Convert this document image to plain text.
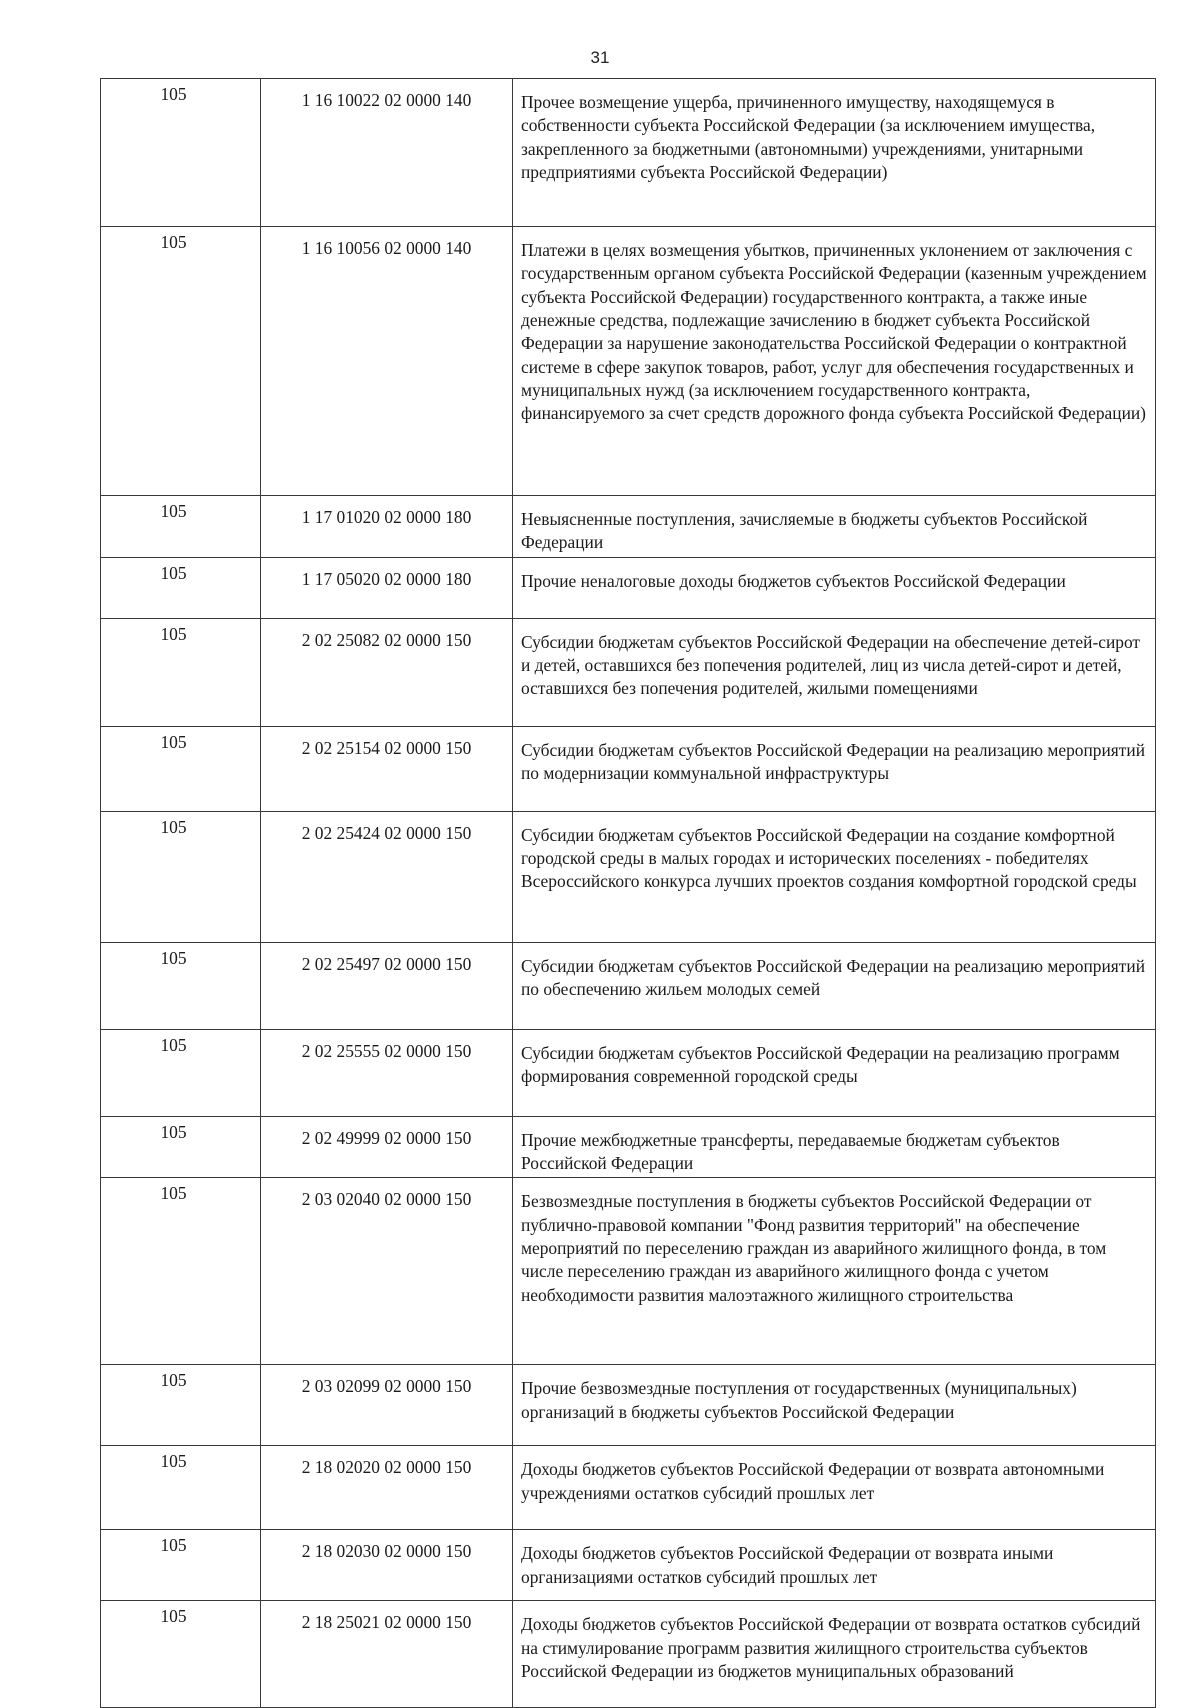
31
105	1 16 10022 02 0000 140	Прочее возмещение ущерба, причиненного имуществу, находящемуся в собственности субъекта Российской Федерации (за исключением имущества, закрепленного за бюджетными (автономными) учреждениями, унитарными предприятиями субъекта Российской Федерации)
105	1 16 10056 02 0000 140	Платежи в целях возмещения убытков, причиненных уклонением от заключения с государственным органом субъекта Российской Федерации (казенным учреждением субъекта Российской Федерации) государственного контракта, а также иные денежные средства, подлежащие зачислению в бюджет субъекта Российской Федерации за нарушение законодательства Российской Федерации о контрактной системе в сфере закупок товаров, работ, услуг для обеспечения государственных и муниципальных нужд (за исключением государственного контракта, финансируемого за счет средств дорожного фонда субъекта Российской Федерации)
105	1 17 01020 02 0000 180	Невыясненные поступления, зачисляемые в бюджеты субъектов Российской Федерации
105	1 17 05020 02 0000 180	Прочие неналоговые доходы бюджетов субъектов Российской Федерации
105	2 02 25082 02 0000 150	Субсидии бюджетам субъектов Российской Федерации на обеспечение детей-сирот и детей, оставшихся без попечения родителей, лиц из числа детей-сирот и детей, оставшихся без попечения родителей, жилыми помещениями
105	2 02 25154 02 0000 150	Субсидии бюджетам субъектов Российской Федерации на реализацию мероприятий по модернизации коммунальной инфраструктуры
105	2 02 25424 02 0000 150	Субсидии бюджетам субъектов Российской Федерации на создание комфортной городской среды в малых городах и исторических поселениях - победителях Всероссийского конкурса лучших проектов создания комфортной городской среды
105	2 02 25497 02 0000 150	Субсидии бюджетам субъектов Российской Федерации на реализацию мероприятий по обеспечению жильем молодых семей
105	2 02 25555 02 0000 150	Субсидии бюджетам субъектов Российской Федерации на реализацию программ формирования современной городской среды
105	2 02 49999 02 0000 150	Прочие межбюджетные трансферты, передаваемые бюджетам субъектов Российской Федерации
105	2 03 02040 02 0000 150	Безвозмездные поступления в бюджеты субъектов Российской Федерации от публично-правовой компании "Фонд развития территорий" на обеспечение мероприятий по переселению граждан из аварийного жилищного фонда, в том числе переселению граждан из аварийного жилищного фонда с учетом необходимости развития малоэтажного жилищного строительства
105	2 03 02099 02 0000 150	Прочие безвозмездные поступления от государственных (муниципальных) организаций в бюджеты субъектов Российской Федерации
105	2 18 02020 02 0000 150	Доходы бюджетов субъектов Российской Федерации от возврата автономными учреждениями остатков субсидий прошлых лет
105	2 18 02030 02 0000 150	Доходы бюджетов субъектов Российской Федерации от возврата иными организациями остатков субсидий прошлых лет
105	2 18 25021 02 0000 150	Доходы бюджетов субъектов Российской Федерации от возврата остатков субсидий на стимулирование программ развития жилищного строительства субъектов Российской Федерации из бюджетов муниципальных образований
